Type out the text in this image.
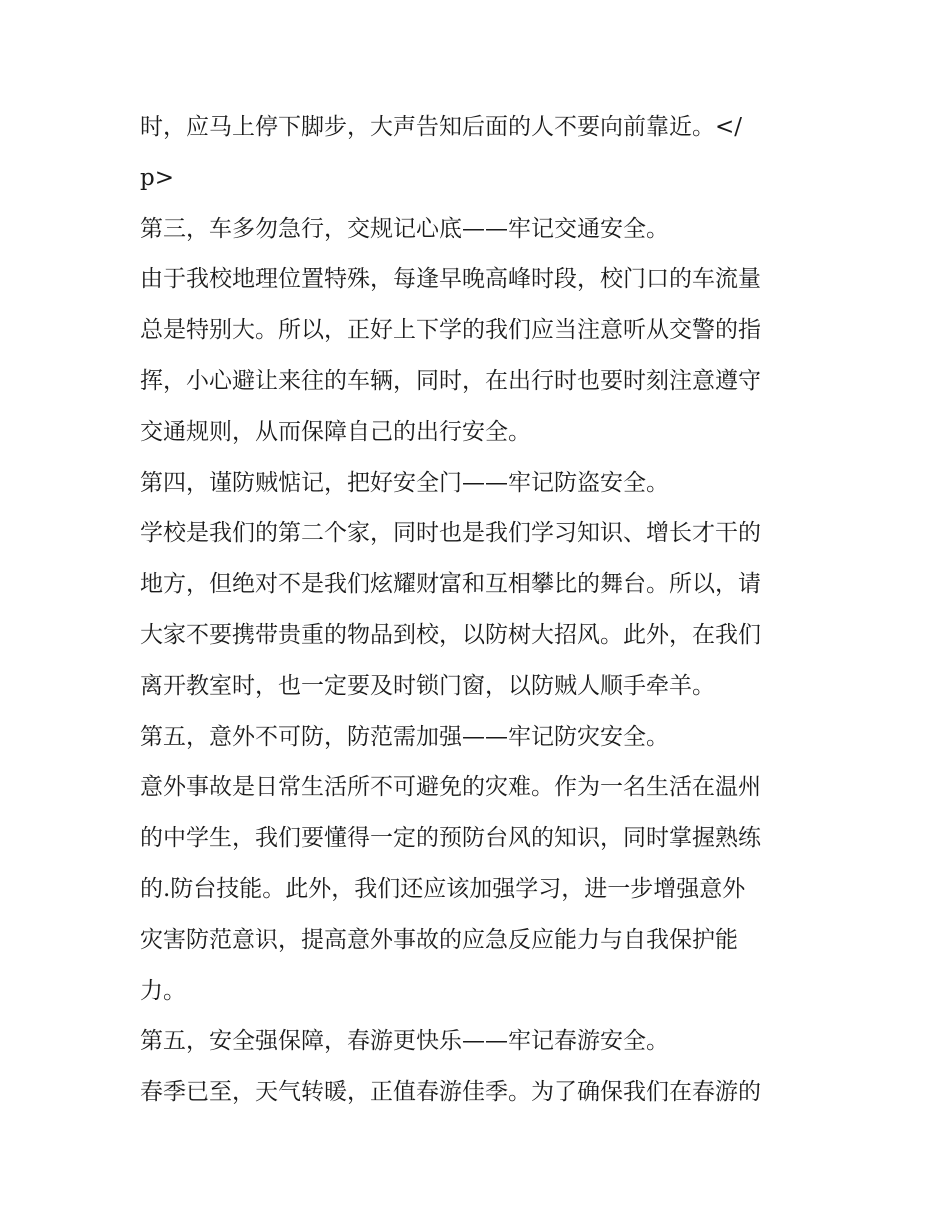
时，应马上停下脚步，大声告知后面的人不要向前靠近。</
p>
第三，车多勿急行，交规记心底——牢记交通安全。
由于我校地理位置特殊，每逢早晚高峰时段，校门口的车流量
总是特别大。所以，正好上下学的我们应当注意听从交警的指
挥，小心避让来往的车辆，同时，在出行时也要时刻注意遵守
交通规则，从而保障自己的出行安全。
第四，谨防贼惦记，把好安全门——牢记防盗安全。
学校是我们的第二个家，同时也是我们学习知识、增长才干的
地方，但绝对不是我们炫耀财富和互相攀比的舞台。所以，请
大家不要携带贵重的物品到校，以防树大招风。此外，在我们
离开教室时，也一定要及时锁门窗，以防贼人顺手牵羊。
第五，意外不可防，防范需加强——牢记防灾安全。
意外事故是日常生活所不可避免的灾难。作为一名生活在温州
的中学生，我们要懂得一定的预防台风的知识，同时掌握熟练
的.防台技能。此外，我们还应该加强学习，进一步增强意外
灾害防范意识，提高意外事故的应急反应能力与自我保护能
力。
第五，安全强保障，春游更快乐——牢记春游安全。
春季已至，天气转暖，正值春游佳季。为了确保我们在春游的
